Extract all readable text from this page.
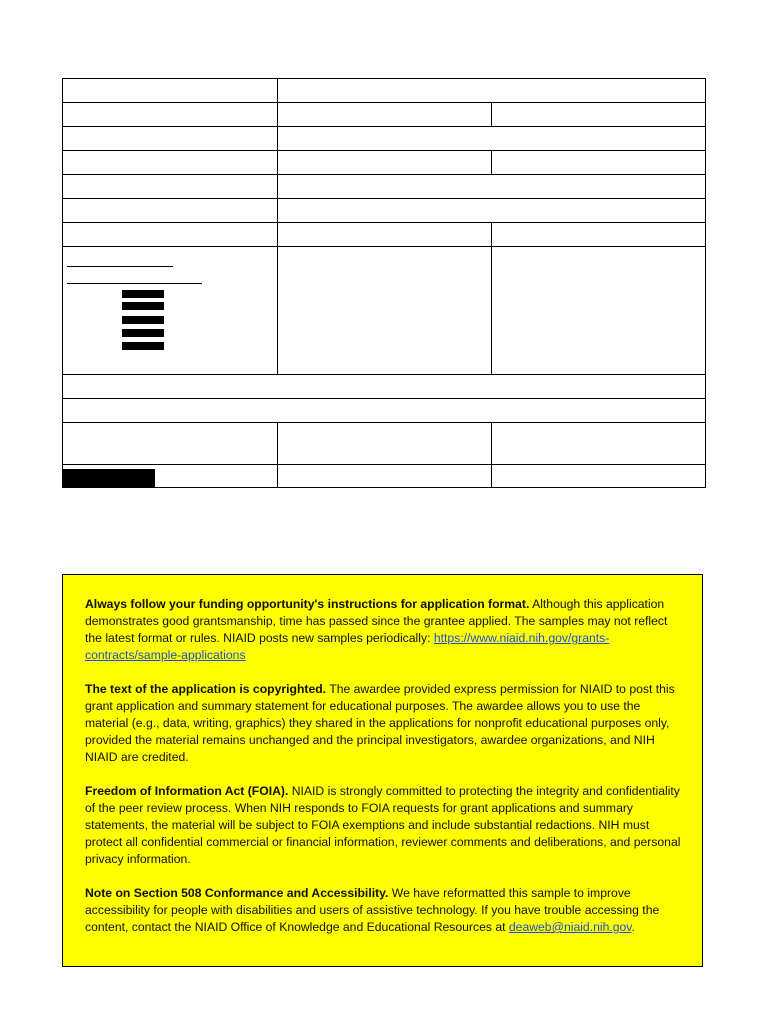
Always follow your funding opportunity's instructions for application format. Although this application demonstrates good grantsmanship, time has passed since the grantee applied. The samples may not reflect the latest format or rules. NIAID posts new samples periodically: https://www.niaid.nih.gov/grants-contracts/sample-applications

The text of the application is copyrighted. The awardee provided express permission for NIAID to post this grant application and summary statement for educational purposes. The awardee allows you to use the material (e.g., data, writing, graphics) they shared in the applications for nonprofit educational purposes only, provided the material remains unchanged and the principal investigators, awardee organizations, and NIH NIAID are credited.

Freedom of Information Act (FOIA). NIAID is strongly committed to protecting the integrity and confidentiality of the peer review process. When NIH responds to FOIA requests for grant applications and summary statements, the material will be subject to FOIA exemptions and include substantial redactions. NIH must protect all confidential commercial or financial information, reviewer comments and deliberations, and personal privacy information.

Note on Section 508 Conformance and Accessibility. We have reformatted this sample to improve accessibility for people with disabilities and users of assistive technology. If you have trouble accessing the content, contact the NIAID Office of Knowledge and Educational Resources at deaweb@niaid.nih.gov.
